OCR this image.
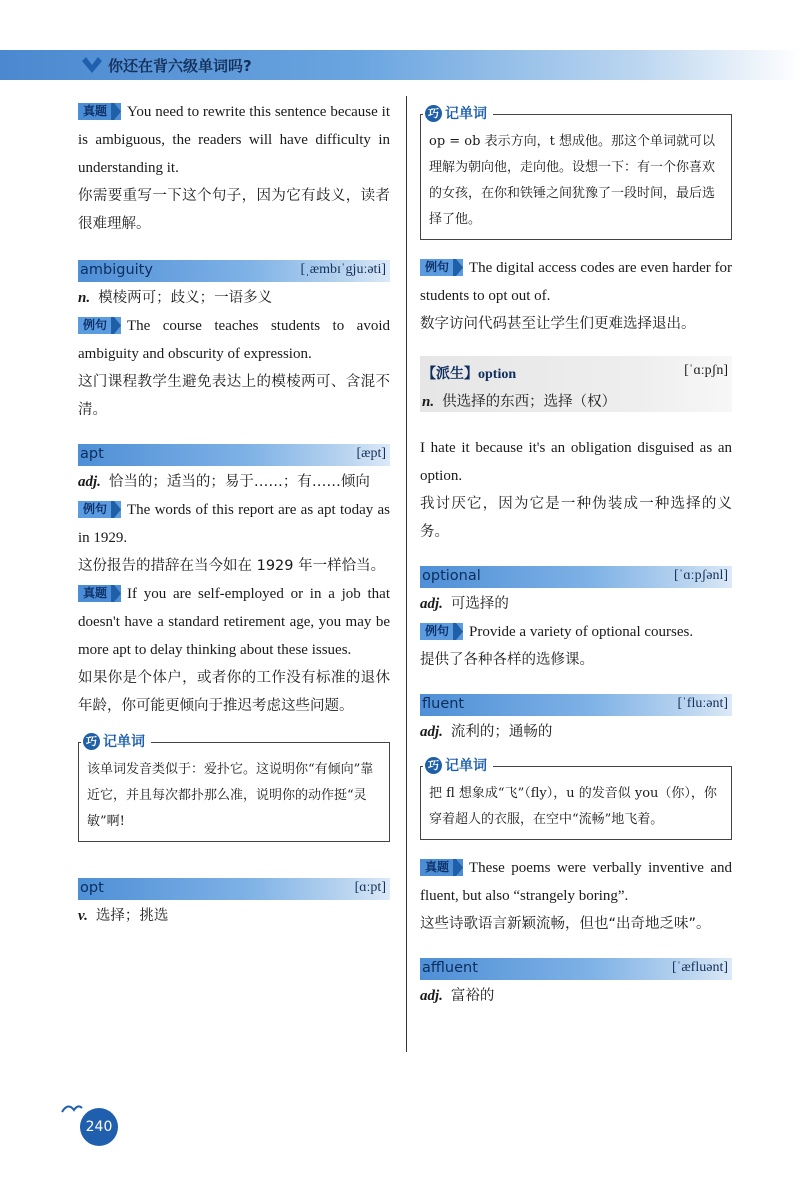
你还在背六级单词吗?

真题 You need to rewrite this sentence because it is ambiguous, the readers will have difficulty in understanding it.

你需要重写一下这个句子，因为它有歧义，读者很难理解。

ambiguity	[ˌæmbɪˈgjuːəti]

n. 模棱两可；歧义；一语多义

例句 The course teaches students to avoid ambiguity and obscurity of expression.

这门课程教学生避免表达上的模棱两可、含混不清。

apt	[æpt]

adj. 恰当的；适当的；易于……；有……倾向

例句 The words of this report are as apt today as in 1929.

这份报告的措辞在当今如在 1929 年一样恰当。

真题 If you are self-employed or in a job that doesn't have a standard retirement age, you may be more apt to delay thinking about these issues.

如果你是个体户，或者你的工作没有标准的退休年龄，你可能更倾向于推迟考虑这些问题。

巧 记单词

该单词发音类似于：爱扑它。这说明你“有倾向”靠近它，并且每次都扑那么准，说明你的动作挺“灵敏”啊!

opt	[ɑːpt]

v. 选择；挑选

巧 记单词

op = ob 表示方向，t 想成他。那这个单词就可以理解为朝向他，走向他。设想一下：有一个你喜欢的女孩，在你和铁锤之间犹豫了一段时间，最后选择了他。

例句 The digital access codes are even harder for students to opt out of.

数字访问代码甚至让学生们更难选择退出。

【派生】option	[ˈɑːpʃn]
n. 供选择的东西；选择（权）

I hate it because it's an obligation disguised as an option.

我讨厌它，因为它是一种伪装成一种选择的义务。

optional	[ˈɑːpʃənl]

adj. 可选择的

例句 Provide a variety of optional courses.

提供了各种各样的选修课。

fluent	[ˈfluːənt]

adj. 流利的；通畅的

巧 记单词

把 fl 想象成“飞”（fly），u 的发音似 you（你），你穿着超人的衣服，在空中“流畅”地飞着。

真题 These poems were verbally inventive and fluent, but also “strangely boring”.

这些诗歌语言新颖流畅，但也“出奇地乏味”。

affluent	[ˈæfluənt]

adj. 富裕的

240
